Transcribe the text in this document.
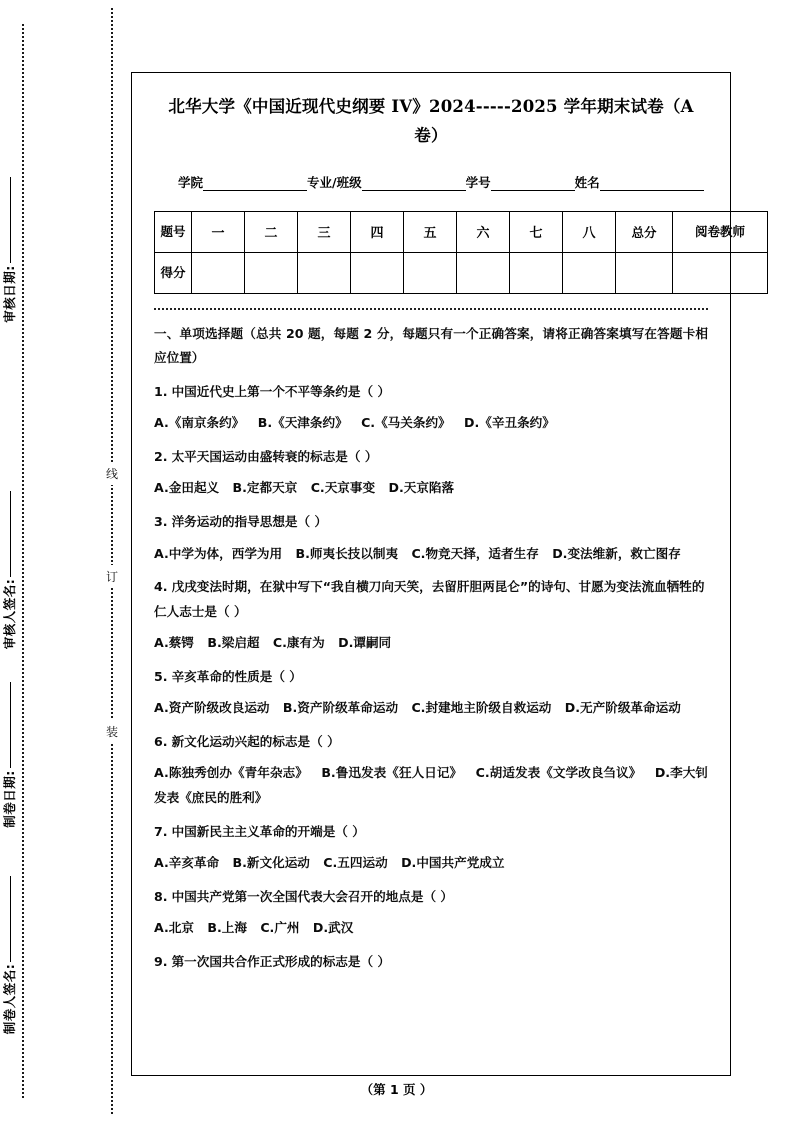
审核日期:
审核人签名:
制卷日期:
制卷人签名:
线
订
装
北华大学《中国近现代史纲要 IV》2024-----2025 学年期末试卷（A 卷）
学院	专业/班级	学号	姓名
题号	一	二	三	四	五	六	七	八	总分	阅卷教师
得分										
一、单项选择题（总共 20 题，每题 2 分，每题只有一个正确答案，请将正确答案填写在答题卡相应位置）
1. 中国近代史上第一个不平等条约是（ ）
A.《南京条约》 B.《天津条约》 C.《马关条约》 D.《辛丑条约》
2. 太平天国运动由盛转衰的标志是（ ）
A.金田起义 B.定都天京 C.天京事变 D.天京陷落
3. 洋务运动的指导思想是（ ）
A.中学为体，西学为用 B.师夷长技以制夷 C.物竞天择，适者生存 D.变法维新，救亡图存
4. 戊戌变法时期，在狱中写下“我自横刀向天笑，去留肝胆两昆仑”的诗句、甘愿为变法流血牺牲的仁人志士是（ ）
A.蔡锷 B.梁启超 C.康有为 D.谭嗣同
5. 辛亥革命的性质是（ ）
A.资产阶级改良运动 B.资产阶级革命运动 C.封建地主阶级自救运动 D.无产阶级革命运动
6. 新文化运动兴起的标志是（ ）
A.陈独秀创办《青年杂志》 B.鲁迅发表《狂人日记》 C.胡适发表《文学改良刍议》 D.李大钊发表《庶民的胜利》
7. 中国新民主主义革命的开端是（ ）
A.辛亥革命 B.新文化运动 C.五四运动 D.中国共产党成立
8. 中国共产党第一次全国代表大会召开的地点是（ ）
A.北京 B.上海 C.广州 D.武汉
9. 第一次国共合作正式形成的标志是（ ）
（第 1 页 ）
